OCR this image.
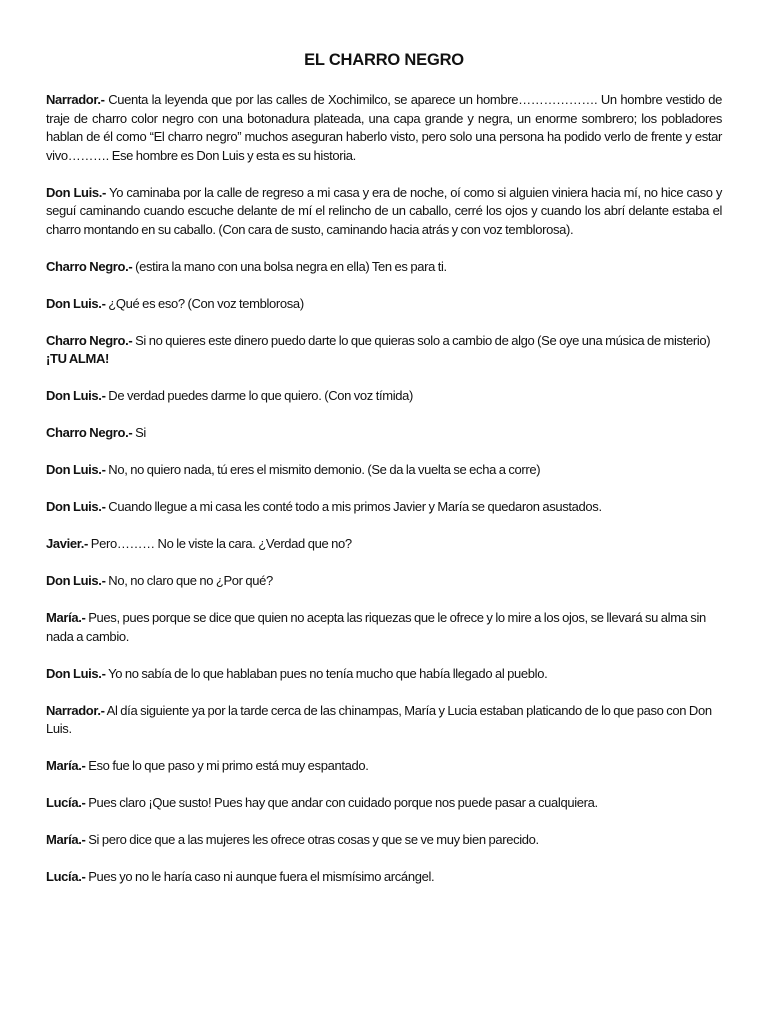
EL CHARRO NEGRO

Narrador.- Cuenta la leyenda que por las calles de Xochimilco, se aparece un hombre………………. Un hombre vestido de traje de charro color negro con una botonadura plateada, una capa grande y negra, un enorme sombrero; los pobladores hablan de él como “El charro negro” muchos aseguran haberlo visto, pero solo una persona ha podido verlo de frente y estar vivo………. Ese hombre es Don Luis y esta es su historia.

Don Luis.- Yo caminaba por la calle de regreso a mi casa y era de noche, oí como si alguien viniera hacia mí, no hice caso y seguí caminando cuando escuche delante de mí el relincho de un caballo, cerré los ojos y cuando los abrí delante estaba el charro montando en su caballo. (Con cara de susto, caminando hacia atrás y con voz temblorosa).

Charro Negro.- (estira la mano con una bolsa negra en ella) Ten es para ti.

Don Luis.- ¿Qué es eso? (Con voz temblorosa)

Charro Negro.- Si no quieres este dinero puedo darte lo que quieras solo a cambio de algo (Se oye una música de misterio) ¡TU ALMA!

Don Luis.- De verdad puedes darme lo que quiero. (Con voz tímida)

Charro Negro.- Si

Don Luis.- No, no quiero nada, tú eres el mismito demonio. (Se da la vuelta se echa a corre)

Don Luis.- Cuando llegue a mi casa les conté todo a mis primos Javier y María se quedaron asustados.

Javier.- Pero……… No le viste la cara. ¿Verdad que no?

Don Luis.- No, no claro que no ¿Por qué?

María.- Pues, pues porque se dice que quien no acepta las riquezas que le ofrece y lo mire a los ojos, se llevará su alma sin nada a cambio.

Don Luis.- Yo no sabía de lo que hablaban pues no tenía mucho que había llegado al pueblo.

Narrador.- Al día siguiente ya por la tarde cerca de las chinampas, María y Lucia estaban platicando de lo que paso con Don Luis.

María.- Eso fue lo que paso y mi primo está muy espantado.

Lucía.- Pues claro ¡Que susto! Pues hay que andar con cuidado porque nos puede pasar a cualquiera.

María.- Si pero dice que a las mujeres les ofrece otras cosas y que se ve muy bien parecido.

Lucía.- Pues yo no le haría caso ni aunque fuera el mismísimo arcángel.
